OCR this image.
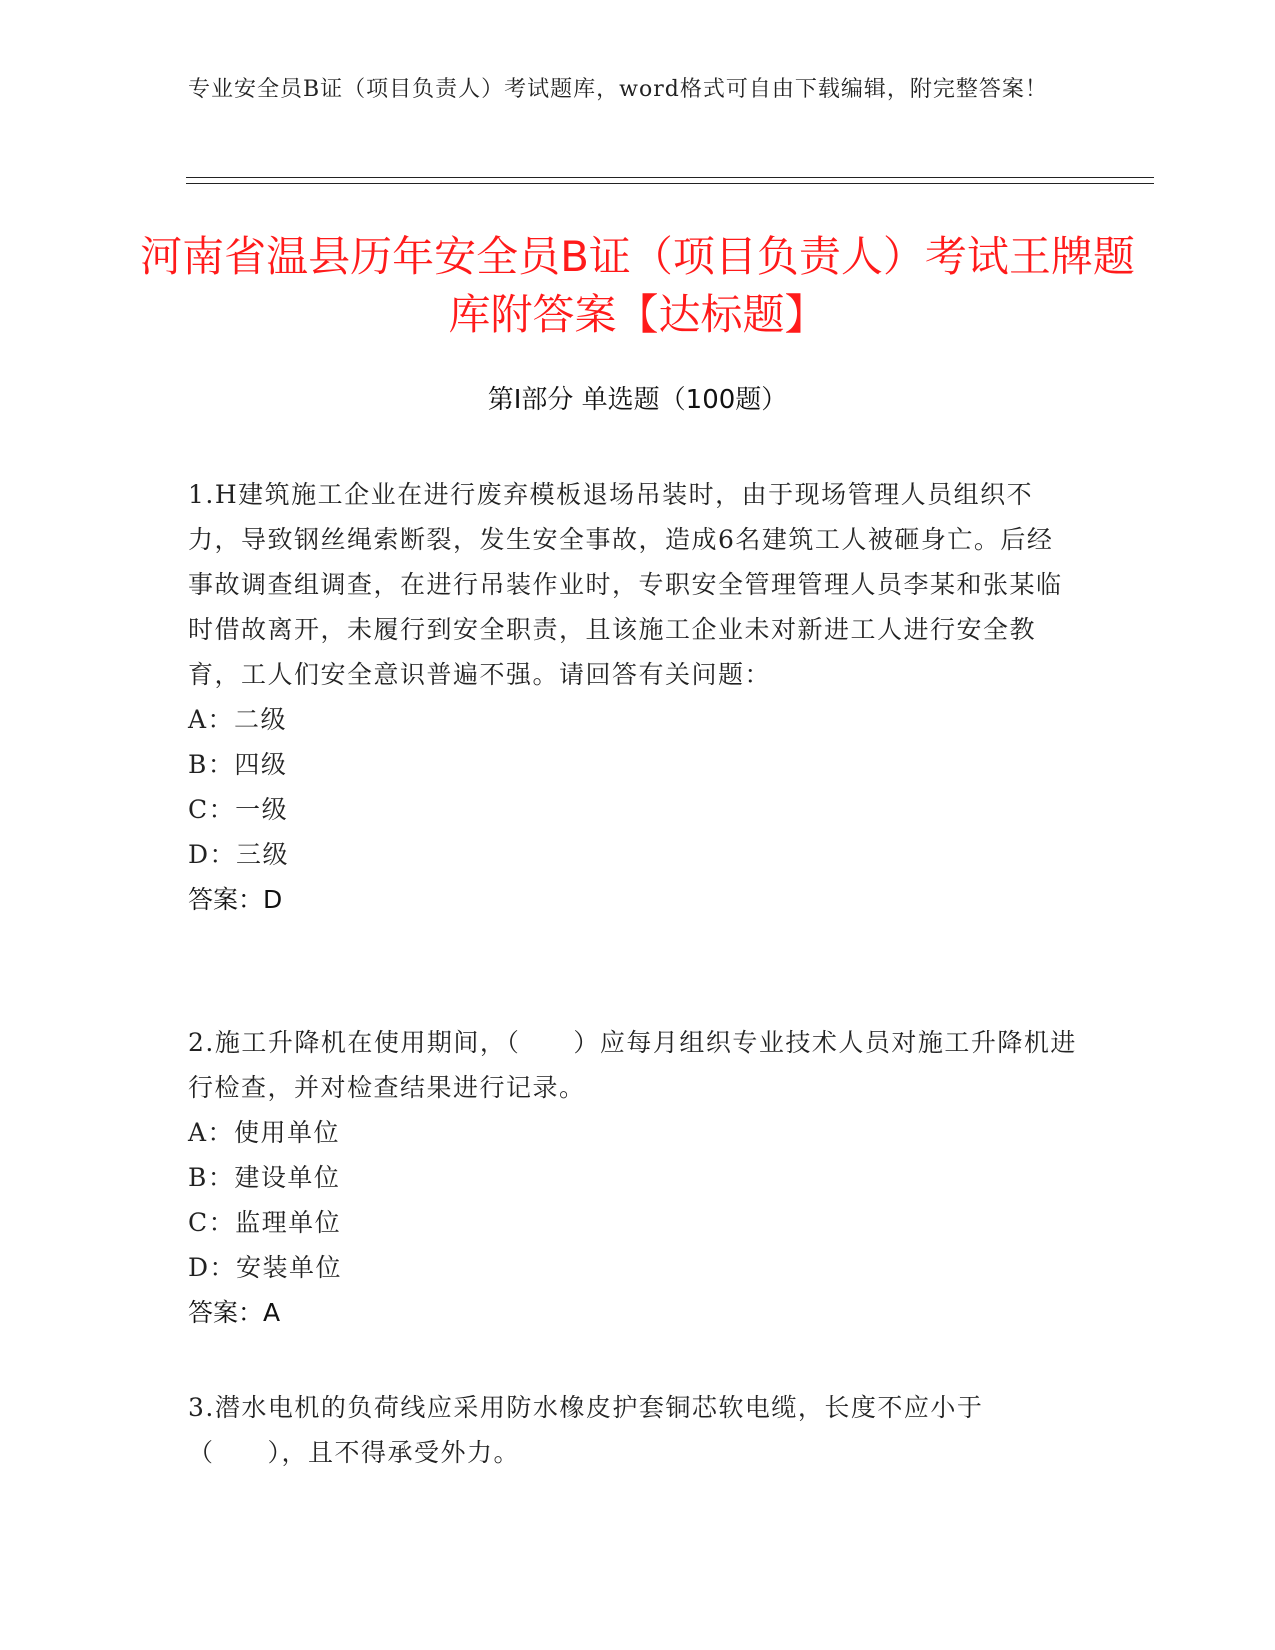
专业安全员B证（项目负责人）考试题库，word格式可自由下载编辑，附完整答案！
河南省温县历年安全员B证（项目负责人）考试王牌题库附答案【达标题】
第Ⅰ部分 单选题（100题）

1.H建筑施工企业在进行废弃模板退场吊装时，由于现场管理人员组织不力，导致钢丝绳索断裂，发生安全事故，造成6名建筑工人被砸身亡。后经事故调查组调查，在进行吊装作业时，专职安全管理管理人员李某和张某临时借故离开，未履行到安全职责，且该施工企业未对新进工人进行安全教育，工人们安全意识普遍不强。请回答有关问题：

A：二级

B：四级

C：一级

D：三级

答案：D

2.施工升降机在使用期间，（　　）应每月组织专业技术人员对施工升降机进行检查，并对检查结果进行记录。

A：使用单位

B：建设单位

C：监理单位

D：安装单位

答案：A

3.潜水电机的负荷线应采用防水橡皮护套铜芯软电缆，长度不应小于（　　），且不得承受外力。
